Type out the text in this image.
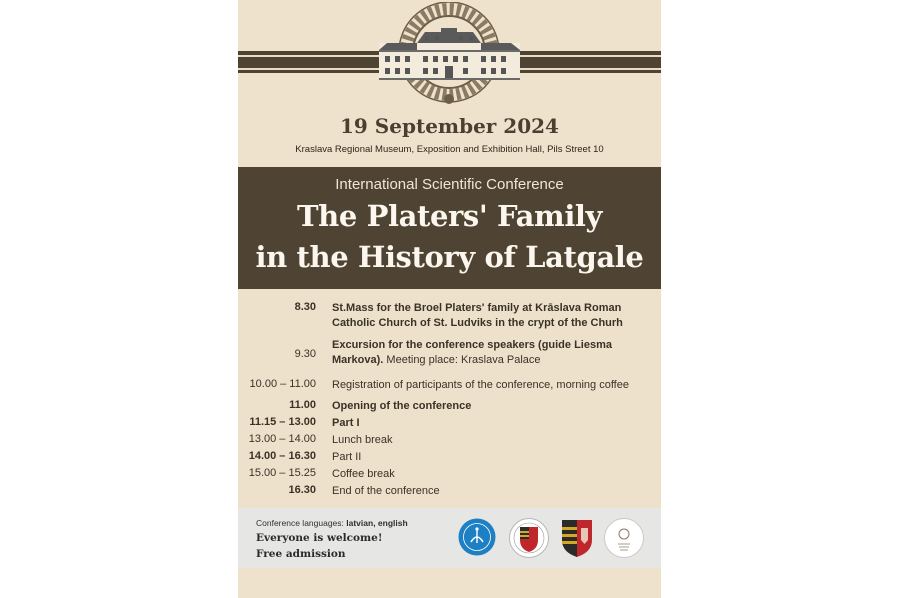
19 September 2024
Kraslava Regional Museum, Exposition and Exhibition Hall, Pils Street 10
International Scientific Conference
The Platers' Family
in the History of Latgale
8.30 St.Mass for the Broel Platers' family at Krāslava Roman
Catholic Church of St. Ludviks in the crypt of the Churh
9.30
Excursion for the conference speakers (guide Liesma
Markova). Meeting place: Kraslava Palace
10.00 – 11.00 Registration of participants of the conference, morning coffee
11.00 Opening of the conference
11.15 – 13.00 Part I
13.00 – 14.00 Lunch break
14.00 – 16.30 Part II
15.00 – 15.25 Coffee break
16.30 End of the conference
Conference languages: latvian, english
Everyone is welcome!
Free admission
